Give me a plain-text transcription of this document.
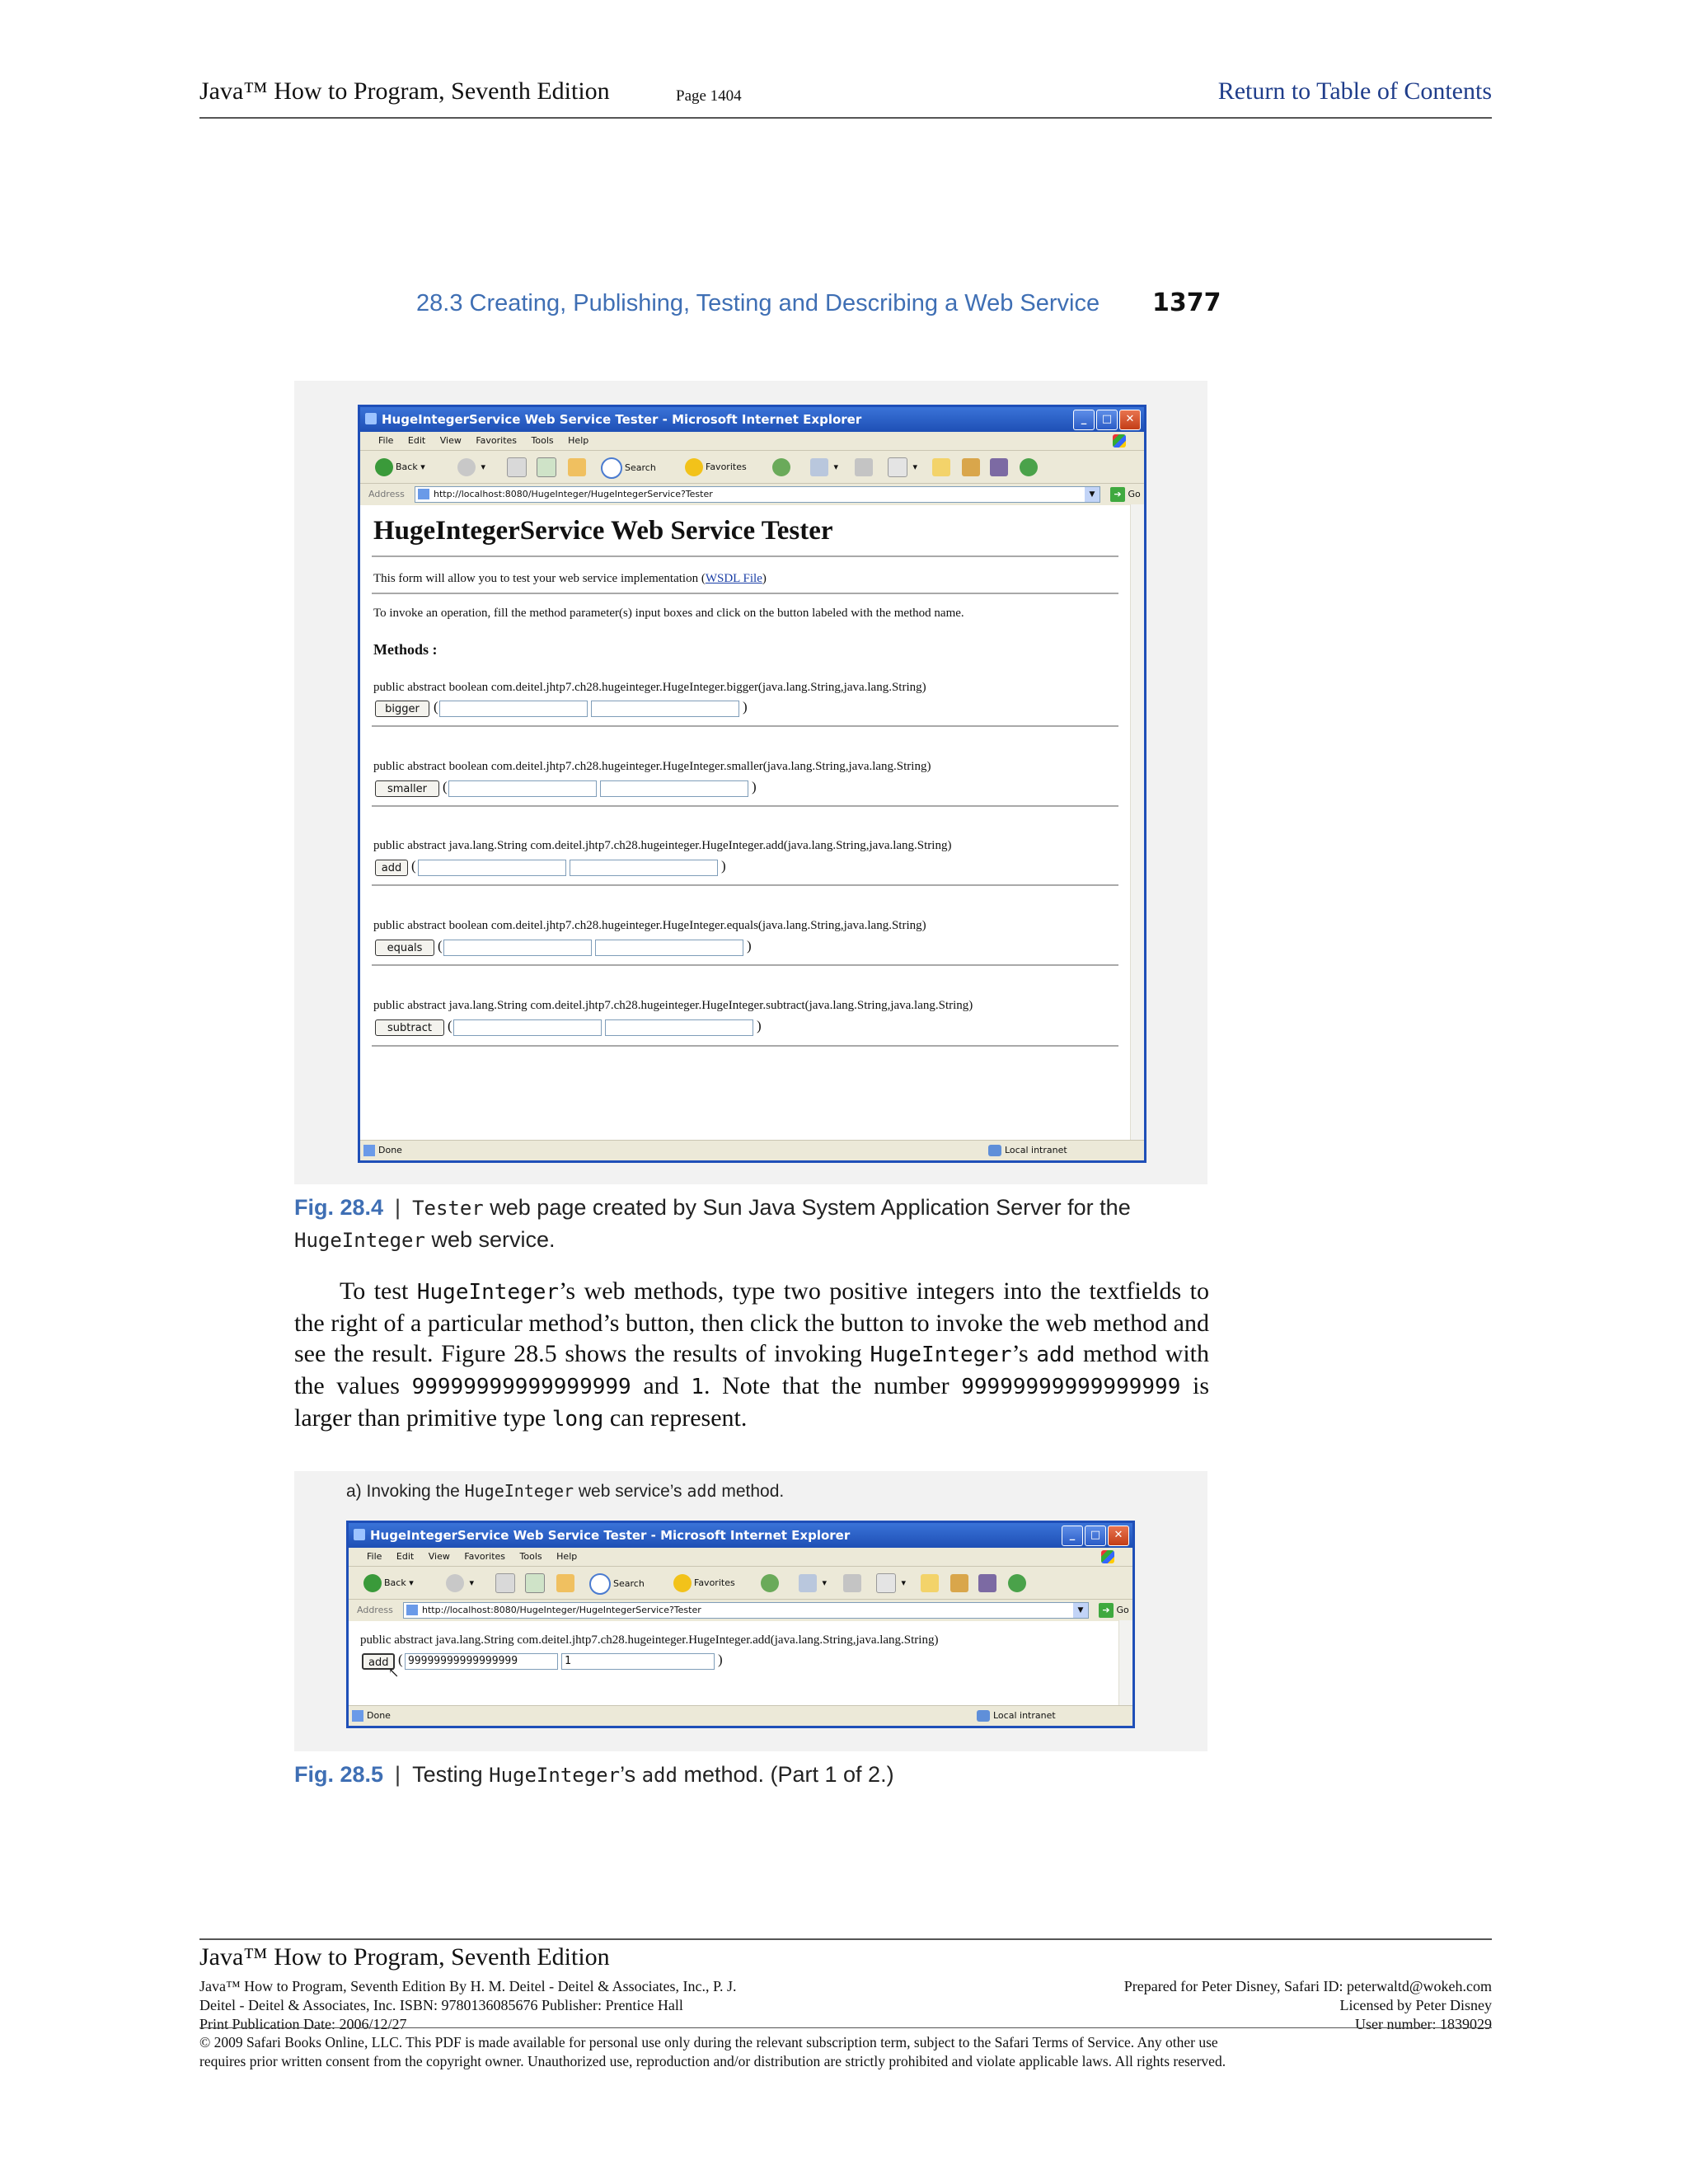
Java™ How to Program, Seventh Edition	Page 1404	Return to Table of Contents
28.3 Creating, Publishing, Testing and Describing a Web Service 1377
HugeIntegerService Web Service Tester - Microsoft Internet Explorer	_ □ ✕
File Edit View Favorites Tools Help
Back ▾	▾	Search	Favorites	▾	▾
Address	http://localhost:8080/HugeInteger/HugeIntegerService?Tester	▼	➔ Go
HugeIntegerService Web Service Tester
This form will allow you to test your web service implementation (WSDL File)
To invoke an operation, fill the method parameter(s) input boxes and click on the button labeled with the method name.
Methods :
public abstract boolean com.deitel.jhtp7.ch28.hugeinteger.HugeInteger.bigger(java.lang.String,java.lang.String)
bigger	(	)
public abstract boolean com.deitel.jhtp7.ch28.hugeinteger.HugeInteger.smaller(java.lang.String,java.lang.String)
smaller	(	)
public abstract java.lang.String com.deitel.jhtp7.ch28.hugeinteger.HugeInteger.add(java.lang.String,java.lang.String)
add (	)
public abstract boolean com.deitel.jhtp7.ch28.hugeinteger.HugeInteger.equals(java.lang.String,java.lang.String)
equals	(	)
public abstract java.lang.String com.deitel.jhtp7.ch28.hugeinteger.HugeInteger.subtract(java.lang.String,java.lang.String)
subtract	(	)
Done	Local intranet
Fig. 28.4 | Tester web page created by Sun Java System Application Server for the
HugeInteger web service.

To test HugeInteger’s web methods, type two positive integers into the textfields to the right of a particular method’s button, then click the button to invoke the web method and see the result. Figure 28.5 shows the results of invoking HugeInteger’s add method with the values 99999999999999999 and 1. Note that the number 99999999999999999 is larger than primitive type long can represent.

a) Invoking the HugeInteger web service’s add method.
HugeIntegerService Web Service Tester - Microsoft Internet Explorer	_ □ ✕
File Edit View Favorites Tools Help
Back ▾	▾	Search	Favorites	▾	▾
Address	http://localhost:8080/HugeInteger/HugeIntegerService?Tester	▼	➔ Go
public abstract java.lang.String com.deitel.jhtp7.ch28.hugeinteger.HugeInteger.add(java.lang.String,java.lang.String)
add
↖
( 99999999999999999	1	)
Done	Local intranet
Fig. 28.5 | Testing HugeInteger’s add method. (Part 1 of 2.)
Java™ How to Program, Seventh Edition
Java™ How to Program, Seventh Edition By H. M. Deitel - Deitel & Associates, Inc., P. J.	Prepared for Peter Disney, Safari ID: peterwaltd@wokeh.com
Deitel - Deitel & Associates, Inc. ISBN: 9780136085676 Publisher: Prentice Hall	Licensed by Peter Disney
Print Publication Date: 2006/12/27	User number: 1839029
© 2009 Safari Books Online, LLC. This PDF is made available for personal use only during the relevant subscription term, subject to the Safari Terms of Service. Any other use
requires prior written consent from the copyright owner. Unauthorized use, reproduction and/or distribution are strictly prohibited and violate applicable laws. All rights reserved.
